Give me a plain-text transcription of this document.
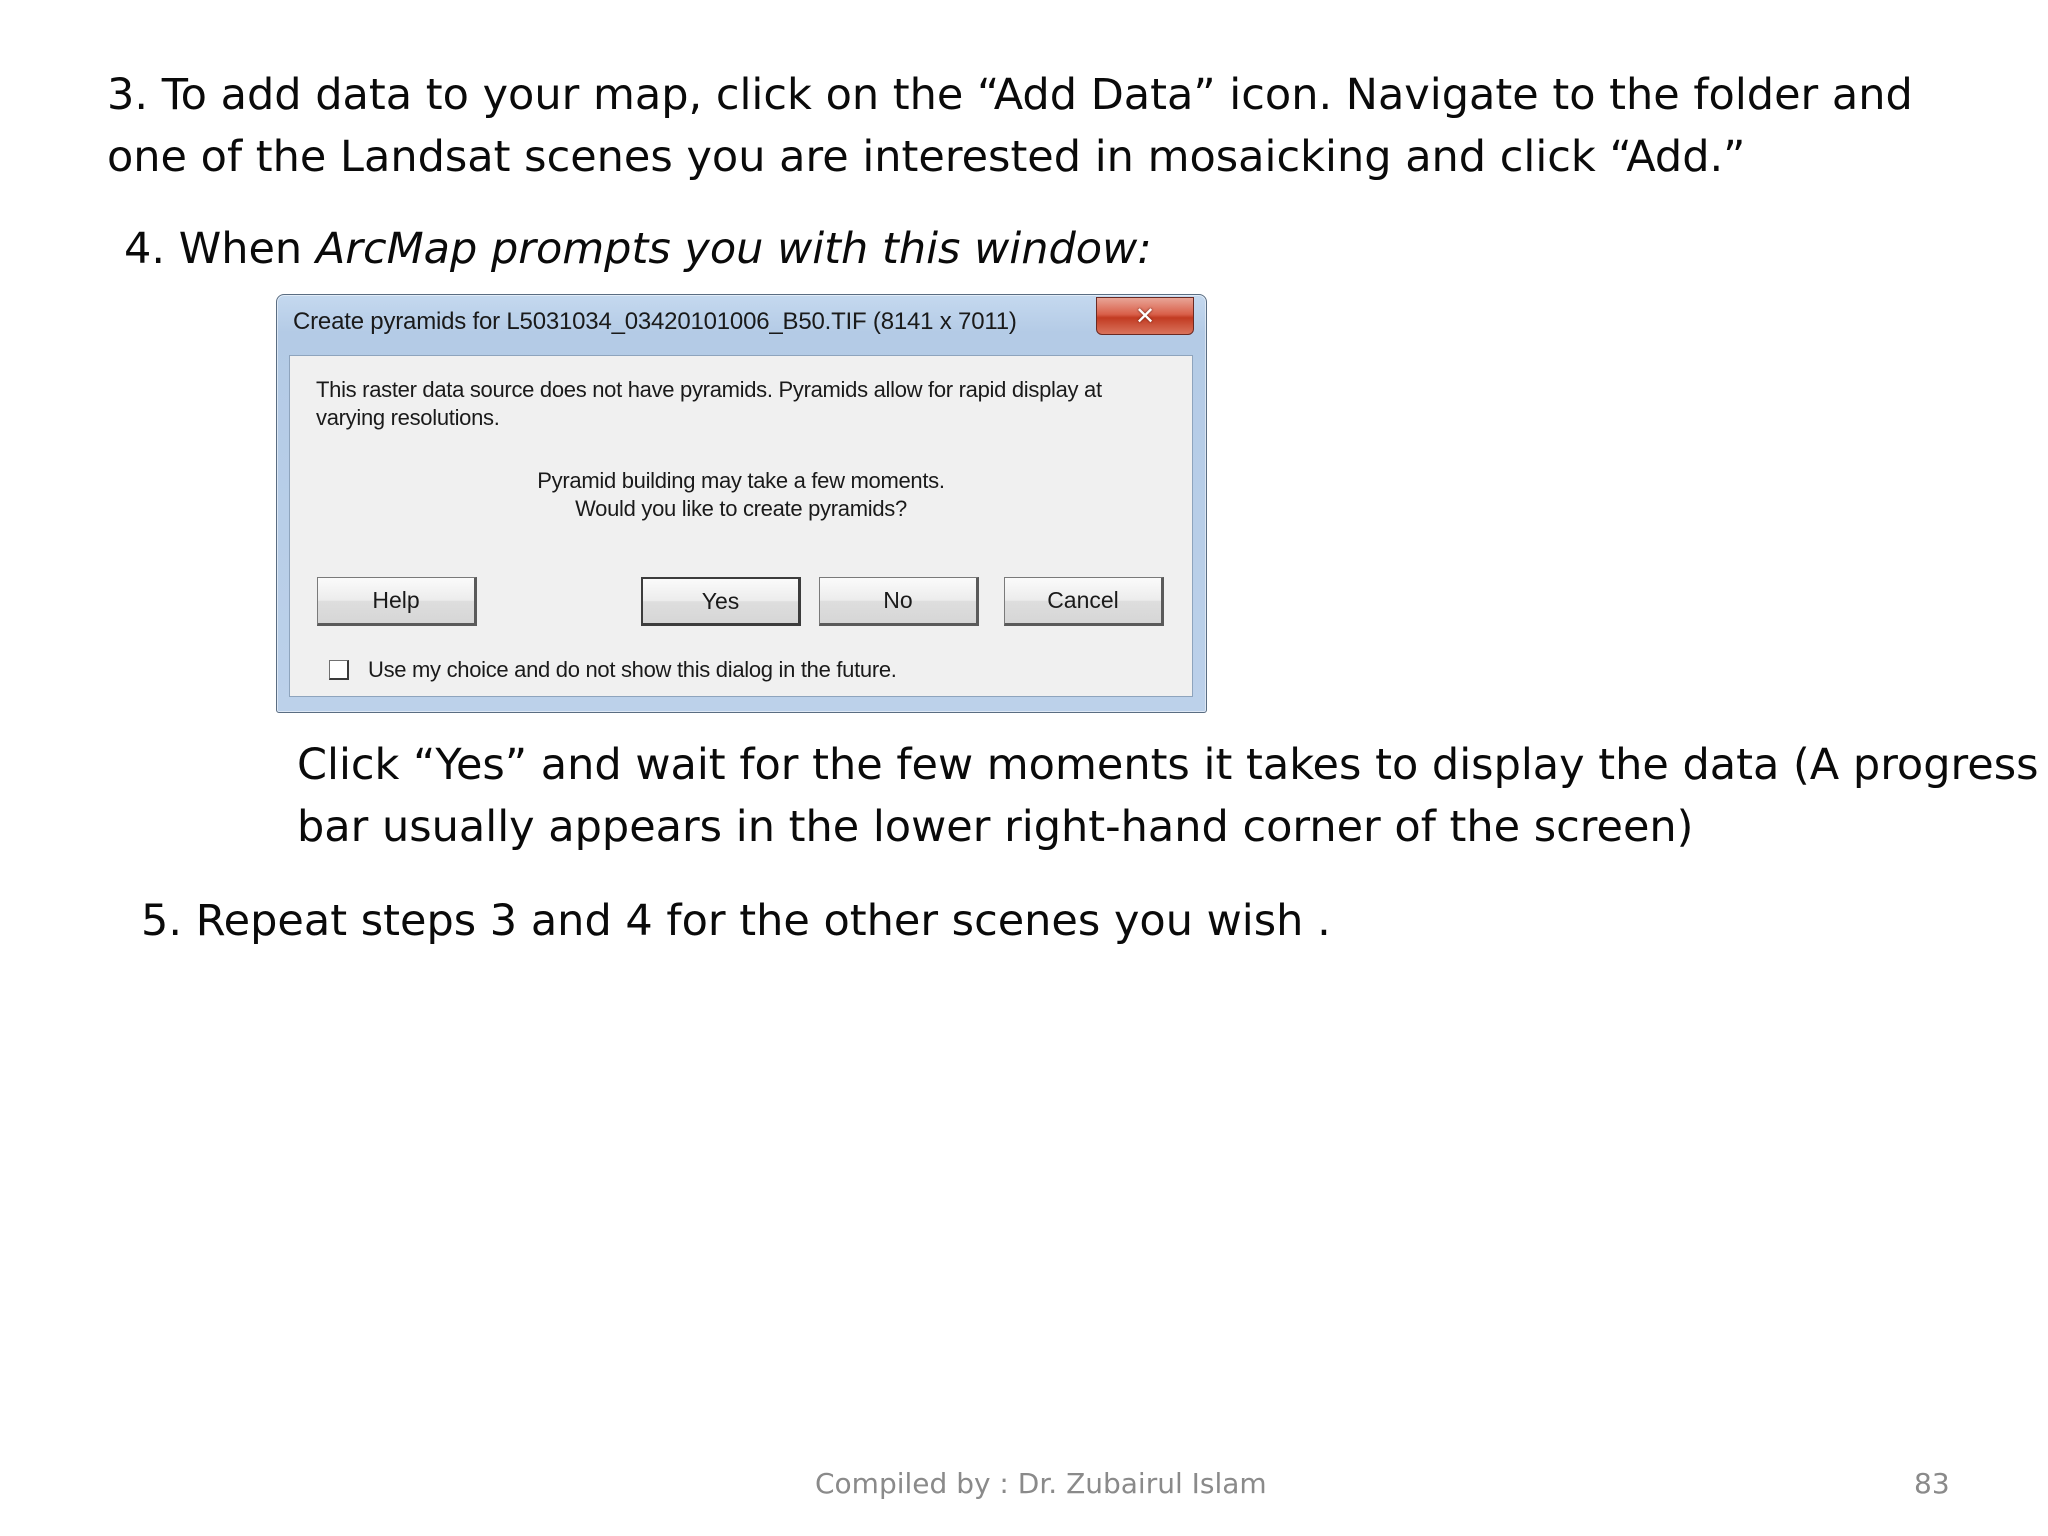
3. To add data to your map, click on the “Add Data” icon. Navigate to the folder and
one of the Landsat scenes you are interested in mosaicking and click “Add.”
4. When ArcMap prompts you with this window:
Create pyramids for L5031034_03420101006_B50.TIF (8141 x 7011)	✕
This raster data source does not have pyramids. Pyramids allow for rapid display at
varying resolutions.
Pyramid building may take a few moments.
Would you like to create pyramids?
Help	Yes	No	Cancel
Use my choice and do not show this dialog in the future.
Click “Yes” and wait for the few moments it takes to display the data (A progress
bar usually appears in the lower right-hand corner of the screen)
5. Repeat steps 3 and 4 for the other scenes you wish .
Compiled by : Dr. Zubairul Islam	83
